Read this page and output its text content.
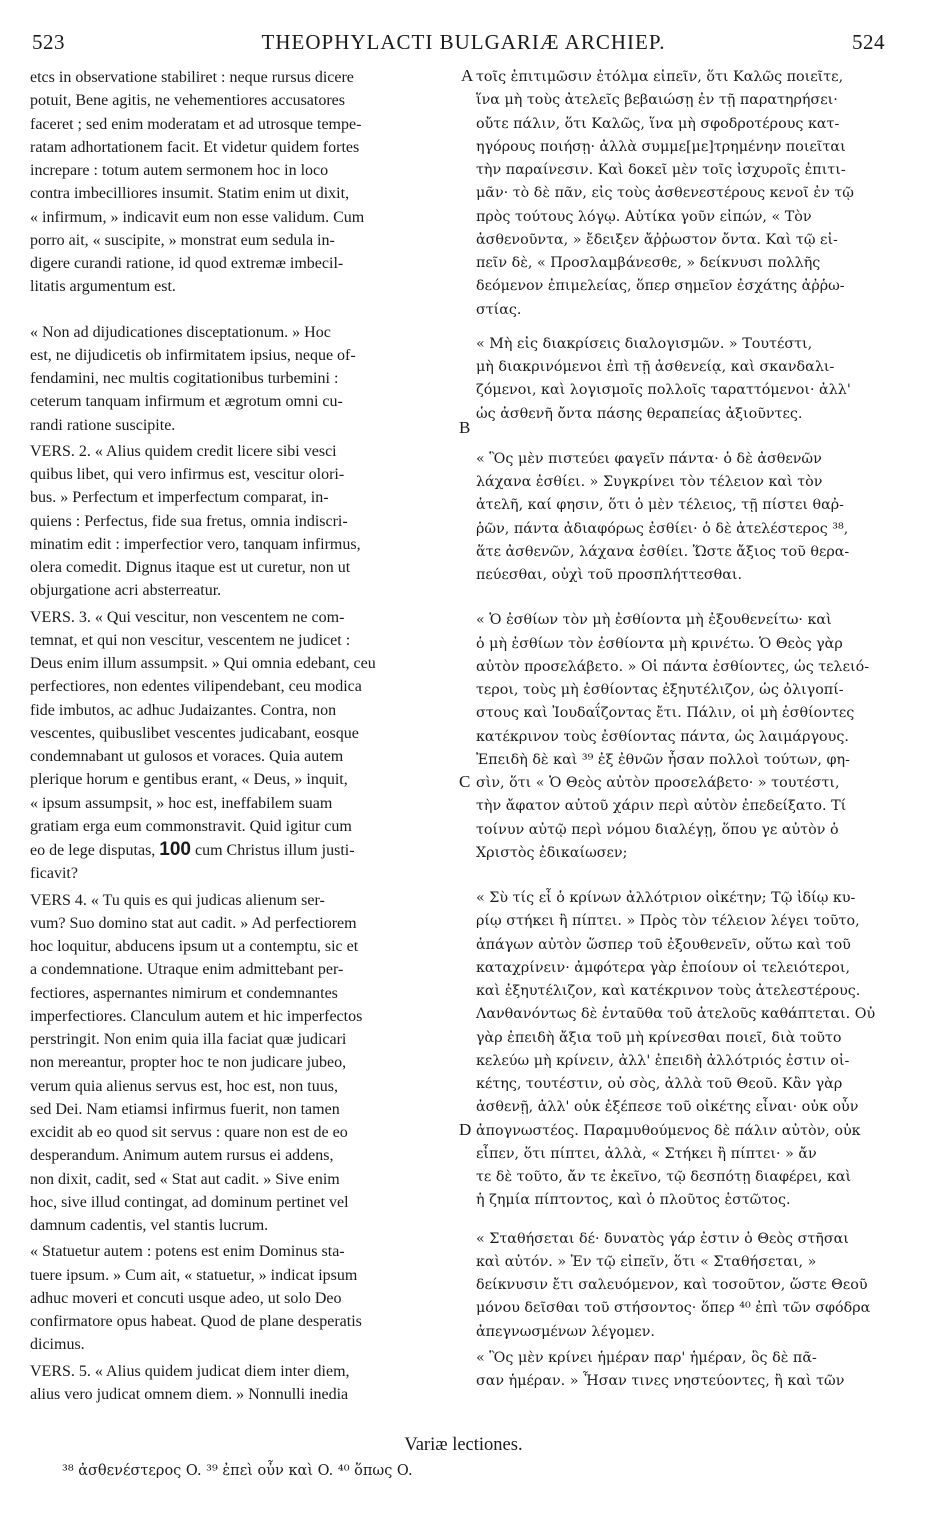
523	THEOPHYLACTI BULGARIÆ ARCHIEP.	524

etcs in observatione stabiliret : neque rursus dicere
potuit, Bene agitis, ne vehementiores accusatores
faceret ; sed enim moderatam et ad utrosque tempe-
ratam adhortationem facit. Et videtur quidem fortes
increpare : totum autem sermonem hoc in loco
contra imbecilliores insumit. Statim enim ut dixit,
« infirmum, » indicavit eum non esse validum. Cum
porro ait, « suscipite, » monstrat eum sedula in-
digere curandi ratione, id quod extremæ imbecil-
litatis argumentum est.

« Non ad dijudicationes disceptationum. » Hoc
est, ne dijudicetis ob infirmitatem ipsius, neque of-
fendamini, nec multis cogitationibus turbemini :
ceterum tanquam infirmum et ægrotum omni cu-
randi ratione suscipite.

VERS. 2. « Alius quidem credit licere sibi vesci
quibus libet, qui vero infirmus est, vescitur olori-
bus. » Perfectum et imperfectum comparat, in-
quiens : Perfectus, fide sua fretus, omnia indiscri-
minatim edit : imperfectior vero, tanquam infirmus,
olera comedit. Dignus itaque est ut curetur, non ut
objurgatione acri absterreatur.

VERS. 3. « Qui vescitur, non vescentem ne com-
temnat, et qui non vescitur, vescentem ne judicet :
Deus enim illum assumpsit. » Qui omnia edebant, ceu
perfectiores, non edentes vilipendebant, ceu modica
fide imbutos, ac adhuc Judaizantes. Contra, non
vescentes, quibuslibet vescentes judicabant, eosque
condemnabant ut gulosos et voraces. Quia autem
plerique horum e gentibus erant, « Deus, » inquit,
« ipsum assumpsit, » hoc est, ineffabilem suam
gratiam erga eum commonstravit. Quid igitur cum
eo de lege disputas, 100 cum Christus illum justi-
ficavit?

VERS 4. « Tu quis es qui judicas alienum ser-
vum? Suo domino stat aut cadit. » Ad perfectiorem
hoc loquitur, abducens ipsum ut a contemptu, sic et
a condemnatione. Utraque enim admittebant per-
fectiores, aspernantes nimirum et condemnantes
imperfectiores. Clanculum autem et hic imperfectos
perstringit. Non enim quia illa faciat quæ judicari
non mereantur, propter hoc te non judicare jubeo,
verum quia alienus servus est, hoc est, non tuus,
sed Dei. Nam etiamsi infirmus fuerit, non tamen
excidit ab eo quod sit servus : quare non est de eo
desperandum. Animum autem rursus ei addens,
non dixit, cadit, sed « Stat aut cadit. » Sive enim
hoc, sive illud contingat, ad dominum pertinet vel
damnum cadentis, vel stantis lucrum.

« Statuetur autem : potens est enim Dominus sta-
tuere ipsum. » Cum ait, « statuetur, » indicat ipsum
adhuc moveri et concuti usque adeo, ut solo Deo
confirmatore opus habeat. Quod de plane desperatis
dicimus.

VERS. 5. « Alius quidem judicat diem inter diem,
alius vero judicat omnem diem. » Nonnulli inedia

A
B
C
D

τοῖς ἐπιτιμῶσιν ἐτόλμα εἰπεῖν, ὅτι Καλῶς ποιεῖτε,
ἵνα μὴ τοὺς ἀτελεῖς βεβαιώσῃ ἐν τῇ παρατηρήσει·
οὔτε πάλιν, ὅτι Καλῶς, ἵνα μὴ σφοδροτέρους κατ-
ηγόρους ποιήσῃ· ἀλλὰ συμμε[με]τρημένην ποιεῖται
τὴν παραίνεσιν. Καὶ δοκεῖ μὲν τοῖς ἰσχυροῖς ἐπιτι-
μᾶν· τὸ δὲ πᾶν, εἰς τοὺς ἀσθενεστέρους κενοῖ ἐν τῷ
πρὸς τούτους λόγῳ. Αὐτίκα γοῦν εἰπών, « Τὸν
ἀσθενοῦντα, » ἔδειξεν ἄῤῥωστον ὄντα. Καὶ τῷ εἰ-
πεῖν δὲ, « Προσλαμβάνεσθε, » δείκνυσι πολλῆς
δεόμενον ἐπιμελείας, ὅπερ σημεῖον ἐσχάτης ἀῤῥω-
στίας.

« Μὴ εἰς διακρίσεις διαλογισμῶν. » Τουτέστι,
μὴ διακρινόμενοι ἐπὶ τῇ ἀσθενείᾳ, καὶ σκανδαλι-
ζόμενοι, καὶ λογισμοῖς πολλοῖς ταραττόμενοι· ἀλλ'
ὡς ἀσθενῆ ὄντα πάσης θεραπείας ἀξιοῦντες.

« Ὃς μὲν πιστεύει φαγεῖν πάντα· ὁ δὲ ἀσθενῶν
λάχανα ἐσθίει. » Συγκρίνει τὸν τέλειον καὶ τὸν
ἀτελῆ, καί φησιν, ὅτι ὁ μὲν τέλειος, τῇ πίστει θαῤ-
ῥῶν, πάντα ἀδιαφόρως ἐσθίει· ὁ δὲ ἀτελέστερος ³⁸,
ἅτε ἀσθενῶν, λάχανα ἐσθίει. Ὥστε ἄξιος τοῦ θερα-
πεύεσθαι, οὐχὶ τοῦ προσπλήττεσθαι.

« Ὁ ἐσθίων τὸν μὴ ἐσθίοντα μὴ ἐξουθενείτω· καὶ
ὁ μὴ ἐσθίων τὸν ἐσθίοντα μὴ κρινέτω. Ὁ Θεὸς γὰρ
αὐτὸν προσελάβετο. » Οἱ πάντα ἐσθίοντες, ὡς τελειό-
τεροι, τοὺς μὴ ἐσθίοντας ἐξηυτέλιζον, ὡς ὀλιγοπί-
στους καὶ Ἰουδαΐζοντας ἔτι. Πάλιν, οἱ μὴ ἐσθίοντες
κατέκρινον τοὺς ἐσθίοντας πάντα, ὡς λαιμάργους.
Ἐπειδὴ δὲ καὶ ³⁹ ἐξ ἐθνῶν ἦσαν πολλοὶ τούτων, φη-
σὶν, ὅτι « Ὁ Θεὸς αὐτὸν προσελάβετο· » τουτέστι,
τὴν ἄφατον αὐτοῦ χάριν περὶ αὐτὸν ἐπεδείξατο. Τί
τοίνυν αὐτῷ περὶ νόμου διαλέγῃ, ὅπου γε αὐτὸν ὁ
Χριστὸς ἐδικαίωσεν;

« Σὺ τίς εἶ ὁ κρίνων ἀλλότριον οἰκέτην; Τῷ ἰδίῳ κυ-
ρίῳ στήκει ἢ πίπτει. » Πρὸς τὸν τέλειον λέγει τοῦτο,
ἀπάγων αὐτὸν ὥσπερ τοῦ ἐξουθενεῖν, οὕτω καὶ τοῦ
καταχρίνειν· ἀμφότερα γὰρ ἐποίουν οἱ τελειότεροι,
καὶ ἐξηυτέλιζον, καὶ κατέκρινον τοὺς ἀτελεστέρους.
Λανθανόντως δὲ ἐνταῦθα τοῦ ἀτελοῦς καθάπτεται. Οὐ
γὰρ ἐπειδὴ ἄξια τοῦ μὴ κρίνεσθαι ποιεῖ, διὰ τοῦτο
κελεύω μὴ κρίνειν, ἀλλ' ἐπειδὴ ἀλλότριός ἐστιν οἰ-
κέτης, τουτέστιν, οὐ σὸς, ἀλλὰ τοῦ Θεοῦ. Κἂν γὰρ
ἀσθενῇ, ἀλλ' οὐκ ἐξέπεσε τοῦ οἰκέτης εἶναι· οὐκ οὖν
ἀπογνωστέος. Παραμυθούμενος δὲ πάλιν αὐτὸν, οὐκ
εἶπεν, ὅτι πίπτει, ἀλλὰ, « Στήκει ἢ πίπτει· » ἄν
τε δὲ τοῦτο, ἄν τε ἐκεῖνο, τῷ δεσπότῃ διαφέρει, καὶ
ἡ ζημία πίπτοντος, καὶ ὁ πλοῦτος ἑστῶτος.

« Σταθήσεται δέ· δυνατὸς γάρ ἐστιν ὁ Θεὸς στῆσαι
καὶ αὐτόν. » Ἐν τῷ εἰπεῖν, ὅτι « Σταθήσεται, »
δείκνυσιν ἔτι σαλευόμενον, καὶ τοσοῦτον, ὥστε Θεοῦ
μόνου δεῖσθαι τοῦ στήσοντος· ὅπερ ⁴⁰ ἐπὶ τῶν σφόδρα
ἀπεγνωσμένων λέγομεν.

« Ὃς μὲν κρίνει ἡμέραν παρ' ἡμέραν, ὃς δὲ πᾶ-
σαν ἡμέραν. » Ἦσαν τινες νηστεύοντες, ἢ καὶ τῶν

Variæ lectiones.
³⁸ ἀσθενέστερος O. ³⁹ ἐπεὶ οὖν καὶ O. ⁴⁰ ὅπως O.
